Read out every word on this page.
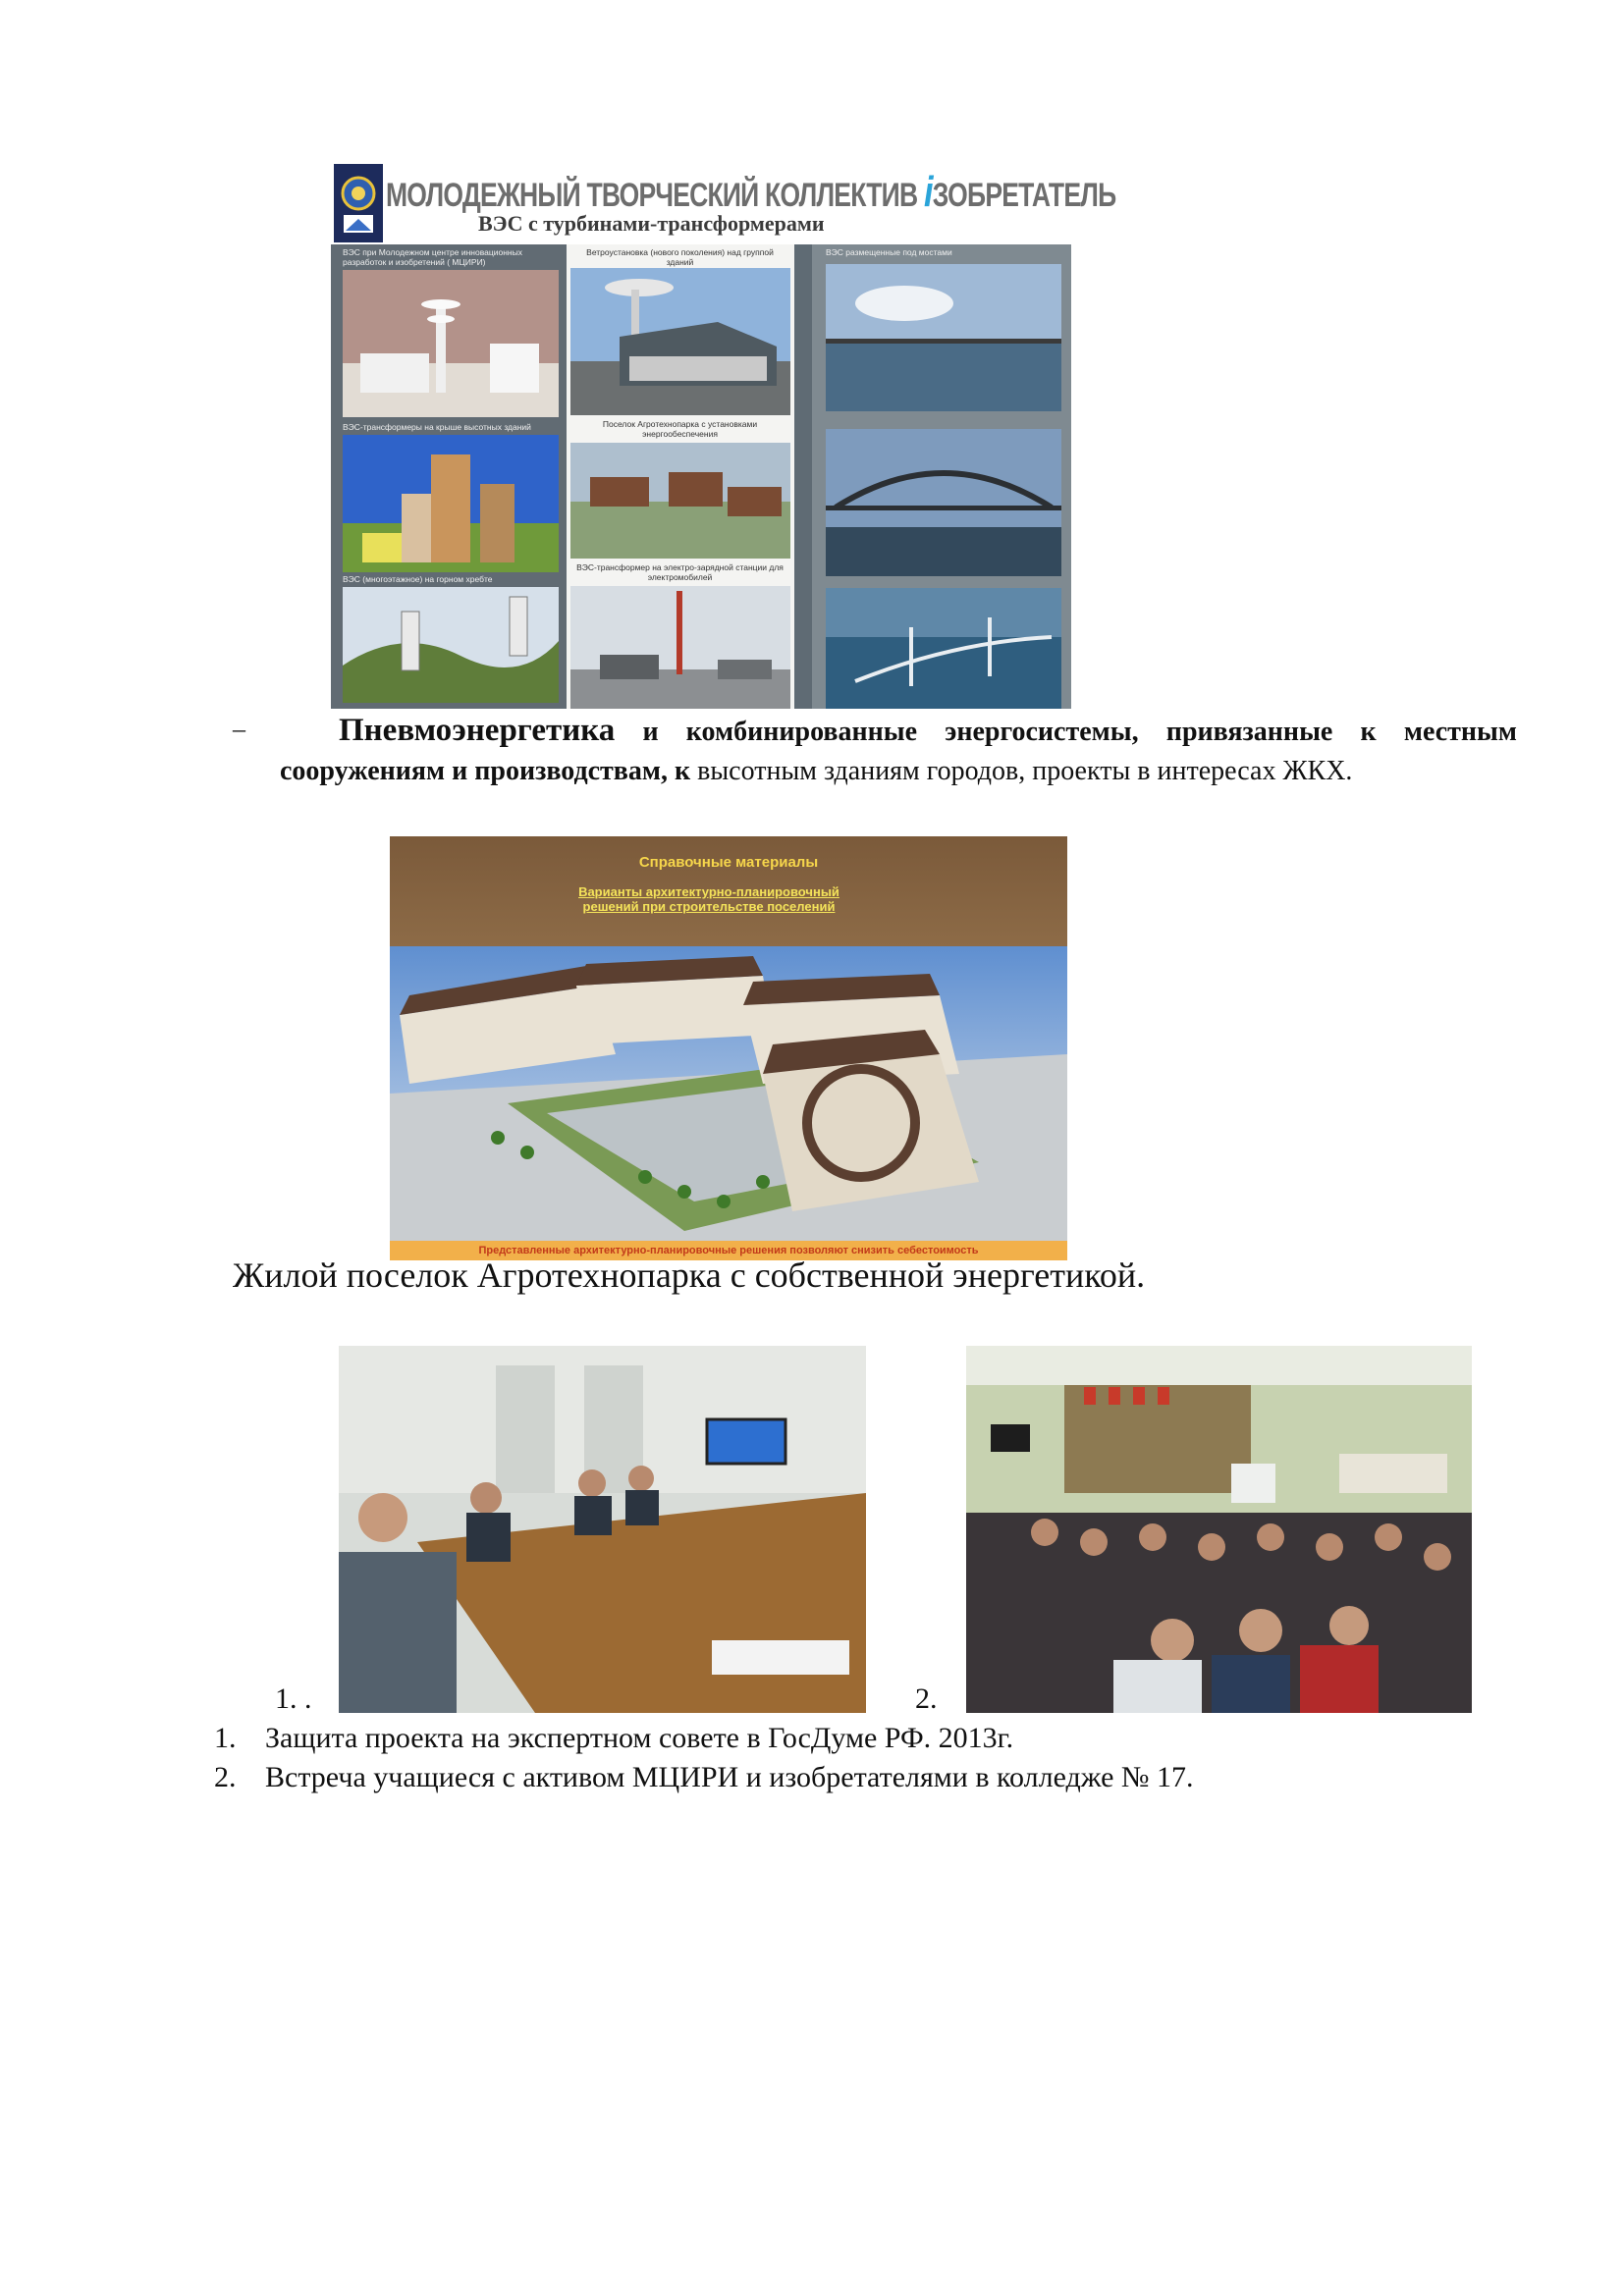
МОЛОДЕЖНЫЙ ТВОРЧЕСКИЙ КОЛЛЕКТИВ iЗОБРЕТАТЕЛЬ
ВЭС с турбинами-трансформерами
ВЭС при Молодежном центре инновационных разработок и изобретений ( МЦИРИ)
ВЭС-трансформеры на крыше высотных зданий
ВЭС (многоэтажное) на горном хребте
Ветроустановка (нового поколения) над группой зданий
Поселок Агротехнопарка с установками энергообеспечения
ВЭС-трансформер на электро-зарядной станции для электромобилей
ВЭС размещенные под мостами
–	Пневмоэнергетика и комбинированные энергосистемы, привязанные к местным сооружениям и производствам, к высотным зданиям городов, проекты в интересах ЖКХ.
Справочные материалы
Варианты архитектурно-планировочный
решений при строительстве поселений
Представленные архитектурно-планировочные решения позволяют снизить себестоимость
Жилой поселок Агротехнопарка с собственной энергетикой.
1. .	2.
1. Защита проекта на экспертном совете в ГосДуме РФ. 2013г.
2. Встреча учащиеся с активом МЦИРИ и изобретателями в колледже № 17.
